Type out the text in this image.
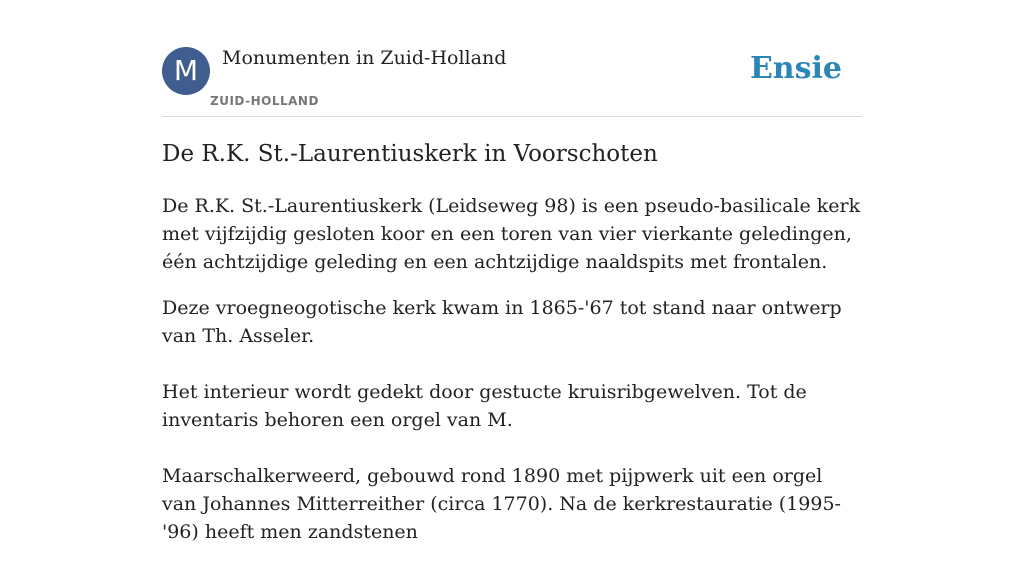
M	Monumenten in Zuid-Holland
ZUID-HOLLAND
Ensie
De R.K. St.-Laurentiuskerk in Voorschoten

De R.K. St.-Laurentiuskerk (Leidseweg 98) is een pseudo-basilicale kerk met vijfzijdig gesloten koor en een toren van vier vierkante geledingen, één achtzijdige geleding en een achtzijdige naaldspits met frontalen.

Deze vroegneogotische kerk kwam in 1865-'67 tot stand naar ontwerp van Th. Asseler.

Het interieur wordt gedekt door gestucte kruisribgewelven. Tot de inventaris behoren een orgel van M.

Maarschalkerweerd, gebouwd rond 1890 met pijpwerk uit een orgel van Johannes Mitterreither (circa 1770). Na de kerkrestauratie (1995-'96) heeft men zandstenen
